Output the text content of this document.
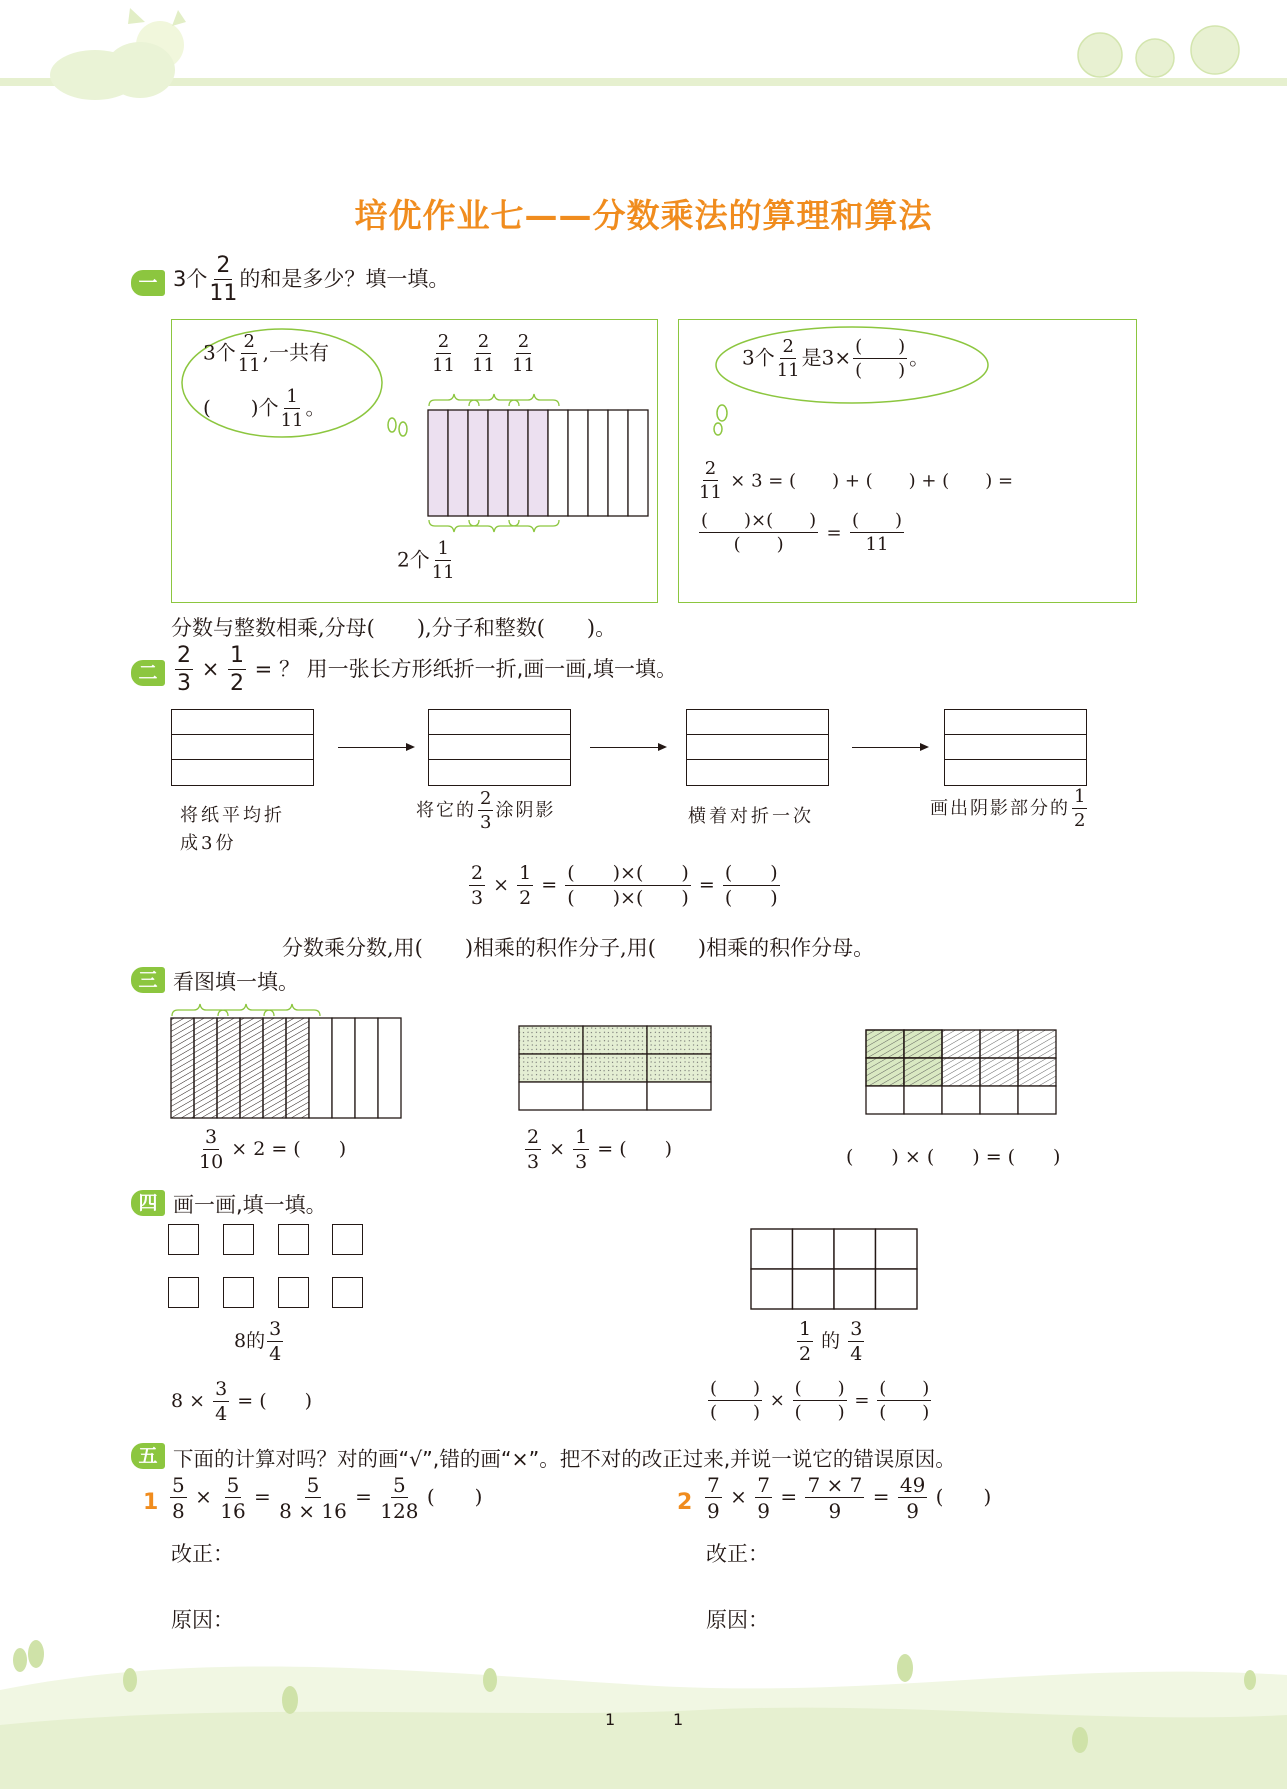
培优作业七——分数乘法的算理和算法
一 3个 $\frac{2}{11}$ 的和是多少？填一填。
3个 $\frac{2}{11}$ ,一共有
(　　)个 $\frac{1}{11}$ 。
$\frac{2}{11} \frac{2}{11} \frac{2}{11}$
2个 $\frac{1}{11}$
3个 $\frac{2}{11}$ 是$3\times \frac{( )}{( )}$ 。
$\frac{2}{11} \times 3$ = (　　) + (　　) + (　　) =
$\frac{( )\times( )}{( )} = \frac{( )}{11}$
分数与整数相乘,分母(　　),分子和整数(　　)。
二 $\frac{2}{3} \times \frac{1}{2}$ = ？ 用一张长方形纸折一折,画一画,填一填。
将纸平均折
成3份
将它的 $\frac{2}{3}$ 涂阴影	横着对折一次	画出阴影部分的 $\frac{1}{2}$
$\frac{2}{3} \times \frac{1}{2} = \frac{( )\times( )}{( )\times( )} = \frac{( )}{( )}$
分数乘分数,用(　　)相乘的积作分子,用(　　)相乘的积作分母。
三 看图填一填。
$\frac{3}{10} \times 2$ = (　　)	$\frac{2}{3} \times \frac{1}{3}$ = (　　)	(　　) × (　　) = (　　)
四 画一画,填一填。
8的 $\frac{3}{4}$
$8 \times \frac{3}{4}$ = (　　)
$\frac{1}{2}$ 的 $\frac{3}{4}$
$\frac{( )}{( )} \times \frac{( )}{( )} = \frac{( )}{( )}$
五 下面的计算对吗？对的画“√”,错的画“×”。把不对的改正过来,并说一说它的错误原因。
$1 \frac{5}{8} \times \frac{5}{16} = \frac{5}{8 \times 16} = \frac{5}{128}$ (　　)	$2 \frac{7}{9} \times \frac{7}{9} = \frac{7 \times 7}{9} = \frac{49}{9}$ (　　)
改正：
原因：
改正：
原因：
1	1
